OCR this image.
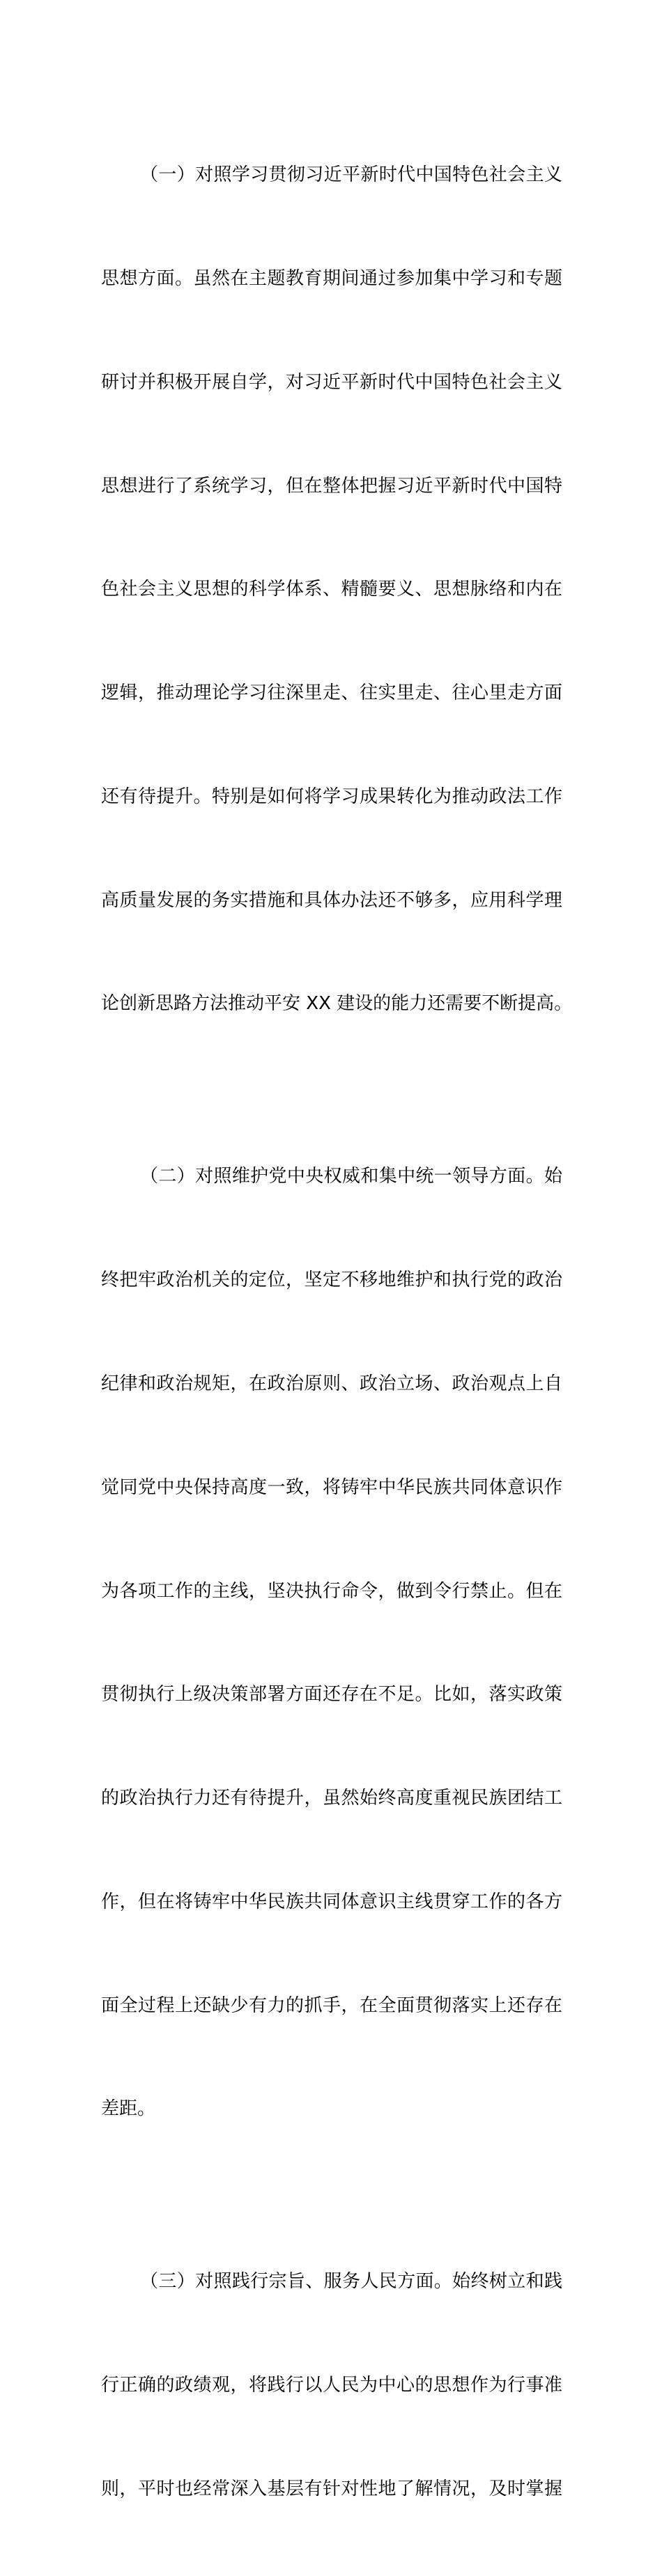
（一）对照学习贯彻习近平新时代中国特色社会主义

思想方面。虽然在主题教育期间通过参加集中学习和专题

研讨并积极开展自学，对习近平新时代中国特色社会主义

思想进行了系统学习，但在整体把握习近平新时代中国特

色社会主义思想的科学体系、精髓要义、思想脉络和内在

逻辑，推动理论学习往深里走、往实里走、往心里走方面

还有待提升。特别是如何将学习成果转化为推动政法工作

高质量发展的务实措施和具体办法还不够多，应用科学理

论创新思路方法推动平安 XX 建设的能力还需要不断提高。

（二）对照维护党中央权威和集中统一领导方面。始

终把牢政治机关的定位，坚定不移地维护和执行党的政治

纪律和政治规矩，在政治原则、政治立场、政治观点上自

觉同党中央保持高度一致，将铸牢中华民族共同体意识作

为各项工作的主线，坚决执行命令，做到令行禁止。但在

贯彻执行上级决策部署方面还存在不足。比如，落实政策

的政治执行力还有待提升，虽然始终高度重视民族团结工

作，但在将铸牢中华民族共同体意识主线贯穿工作的各方

面全过程上还缺少有力的抓手，在全面贯彻落实上还存在

差距。

（三）对照践行宗旨、服务人民方面。始终树立和践

行正确的政绩观，将践行以人民为中心的思想作为行事准

则，平时也经常深入基层有针对性地了解情况，及时掌握
